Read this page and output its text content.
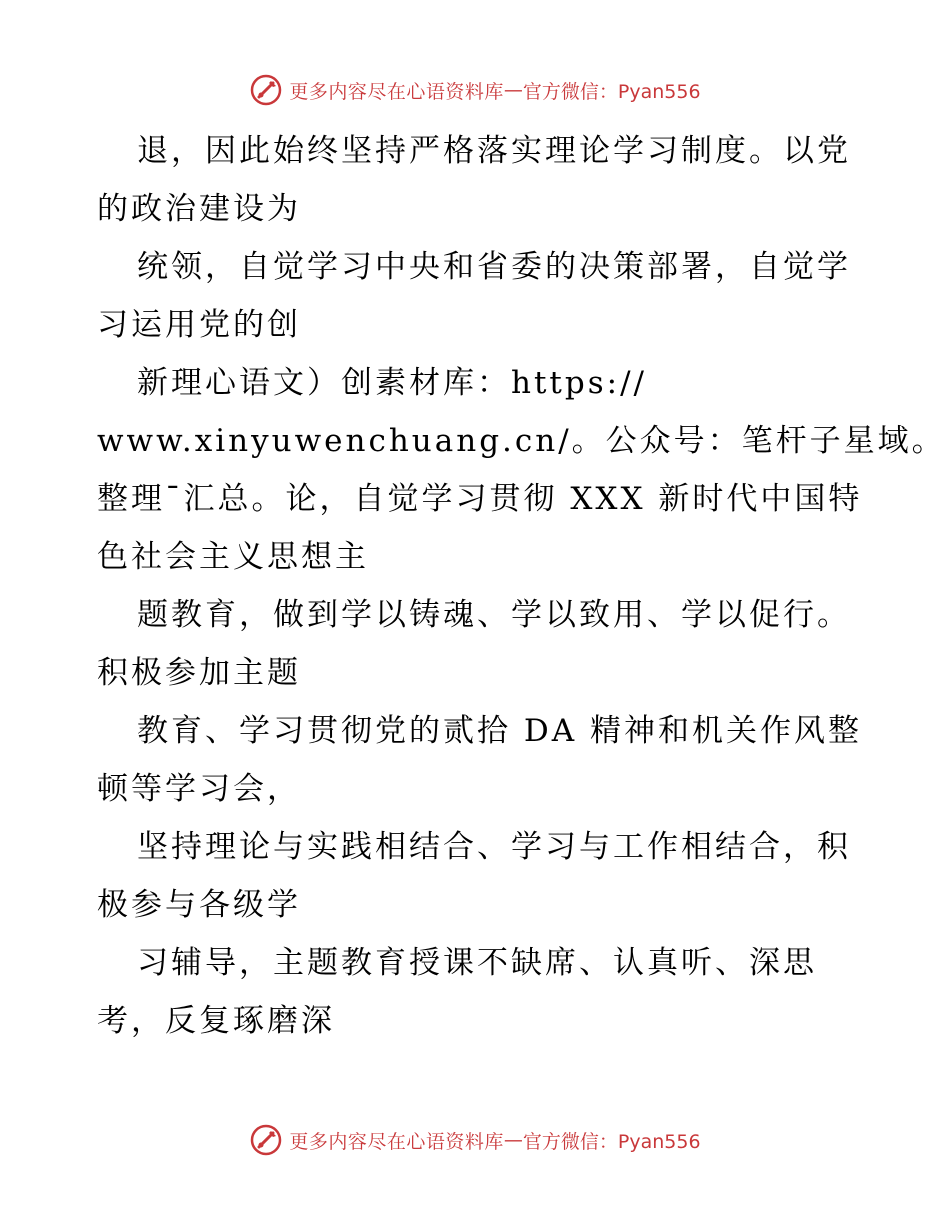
更多内容尽在心语资料库 — 官方微信：Pyan556
退，因此始终坚持严格落实理论学习制度。以党
的政治建设为
统领，自觉学习中央和省委的决策部署，自觉学
习运用党的创
新理心语文）创素材库：https://
www.xinyuwenchuang.cn/。公众号：笔杆子星域。
整理¯汇总。论，自觉学习贯彻 XXX 新时代中国特
色社会主义思想主
题教育，做到学以铸魂、学以致用、学以促行。
积极参加主题
教育、学习贯彻党的贰拾 DA 精神和机关作风整
顿等学习会，
坚持理论与实践相结合、学习与工作相结合，积
极参与各级学
习辅导，主题教育授课不缺席、认真听、深思
考，反复琢磨深
更多内容尽在心语资料库 — 官方微信：Pyan556
